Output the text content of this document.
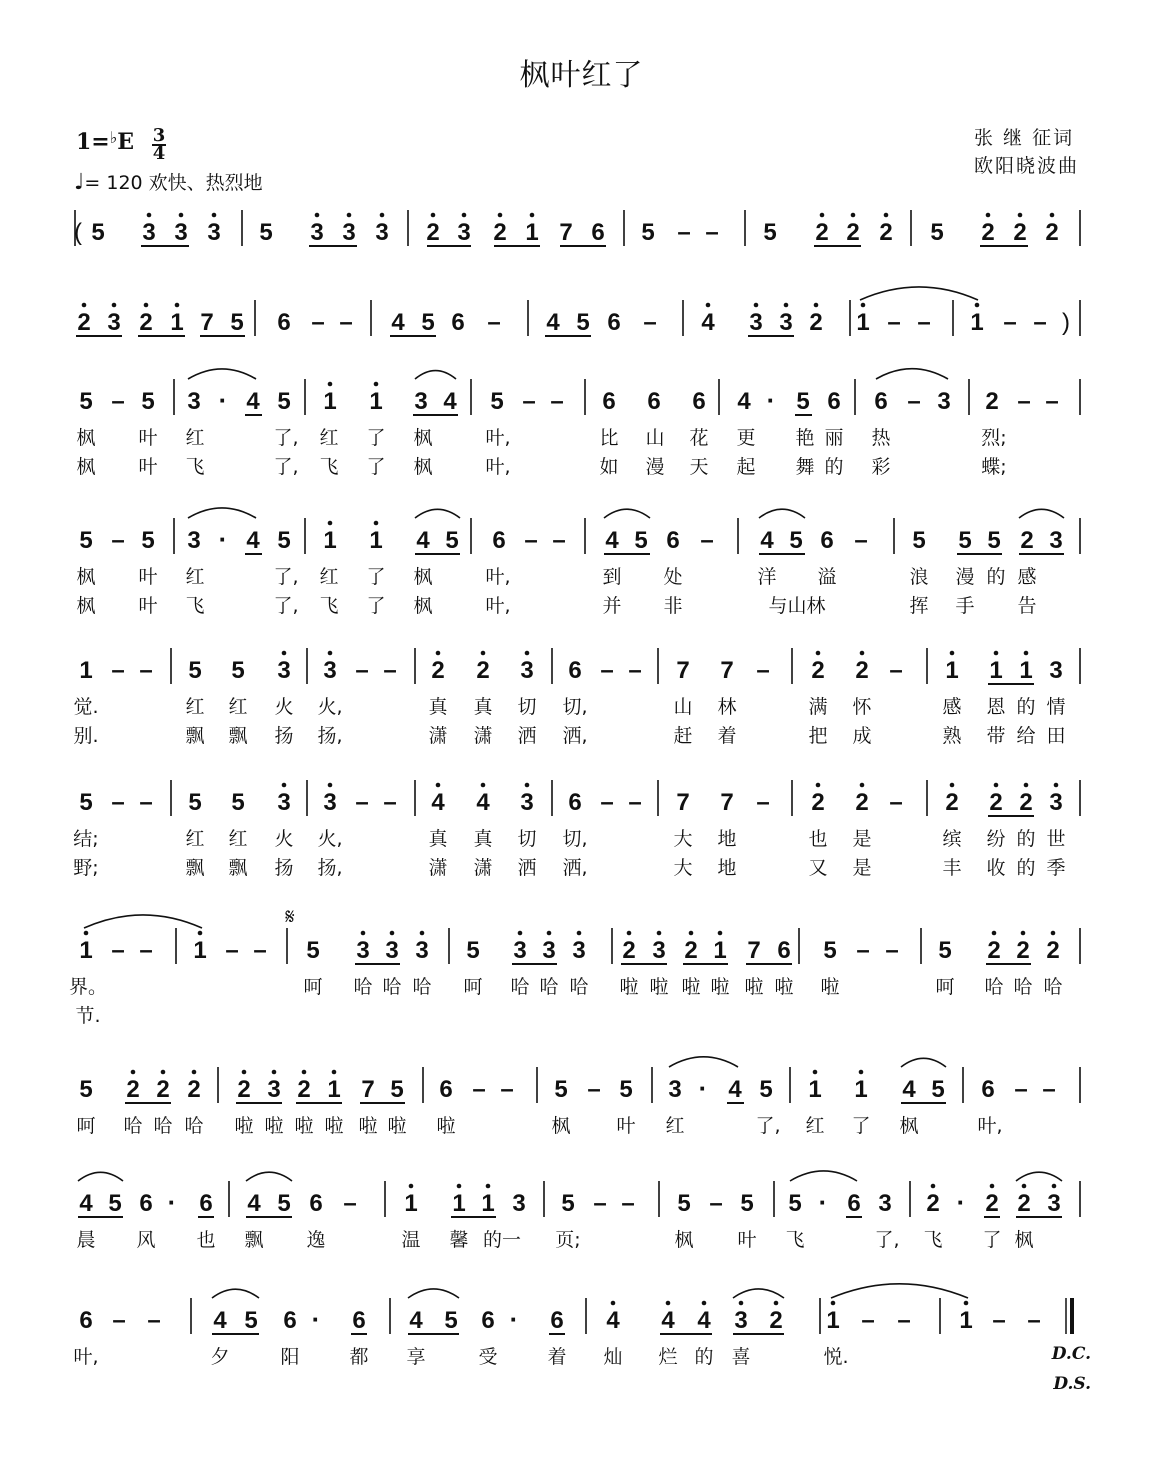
枫叶红了
$1=^♭E \frac{3}{4}$
♩= 120 欢快、热烈地
张 继 征词
欧阳晓波曲
( 5 3 3 3 5 3 3 3 2 3 2 1 7 6 5 – – 5 2 2 2 5 2 2 2
2 3 2 1 7 5 6 – – 4 5 6 – 4 5 6 – 4 3 3 2 1 – – 1 – – )
5 – 5 3 · 4 5 1 1 3 4 5 – – 6 6 6 4 · 5 6 6 – 3 2 – –
枫 叶 红	了, 红 了 枫	叶,	比 山 花 更 艳 丽 热	烈;
枫 叶 飞	了, 飞 了 枫	叶,	如 漫 天 起 舞 的 彩	蝶;
5 – 5 3 · 4 5 1 1 4 5 6 – – 4 5 6 – 4 5 6 – 5 5 5 2 3
枫 叶 红	了, 红 了 枫	叶,	到 处	洋 溢	浪 漫 的 感
枫 叶 飞	了, 飞 了 枫	叶,	并 非	与山林	挥 手 告
1 – – 5 5 3 3 – – 2 2 3 6 – – 7 7 – 2 2 – 1 1 1 3
觉.	红 红 火 火,	真 真 切 切,	山 林	满 怀	感 恩 的 情
别.	飘 飘 扬 扬,	潇 潇 洒 洒,	赶 着	把 成	熟 带 给 田
5 – – 5 5 3 3 – – 4 4 3 6 – – 7 7 – 2 2 – 2 2 2 3
结;	红 红 火 火,	真 真 切 切,	大 地	也 是	缤 纷 的 世
野;	飘 飘 扬 扬,	潇 潇 洒 洒,	大 地	又 是	丰 收 的 季
1 – – 1 – – 5 3 3 3 5 3 3 3 2 3 2 1 7 6 5 – – 5 2 2 2
𝄋
界。	呵 哈 哈 哈 呵 哈 哈 哈 啦 啦 啦 啦 啦 啦 啦	呵 哈 哈 哈
节.
5 2 2 2 2 3 2 1 7 5 6 – – 5 – 5 3 · 4 5 1 1 4 5 6 – –
呵 哈 哈 哈 啦 啦 啦 啦 啦 啦 啦	枫 叶 红	了, 红 了 枫	叶,
4 5 6 · 6 4 5 6 – 1 1 1 3 5 – – 5 – 5 5 · 6 3 2 · 2 2 3
晨 风 也 飘 逸	温 馨 的一 页;	枫 叶 飞	了, 飞 了 枫
6 – – 4 5 6 · 6 4 5 6 · 6 4 4 4 3 2 1 – – 1 – –
叶,	夕	阳	都 享	受	着 灿 烂 的 喜	悦.	D.C.
D.S.
